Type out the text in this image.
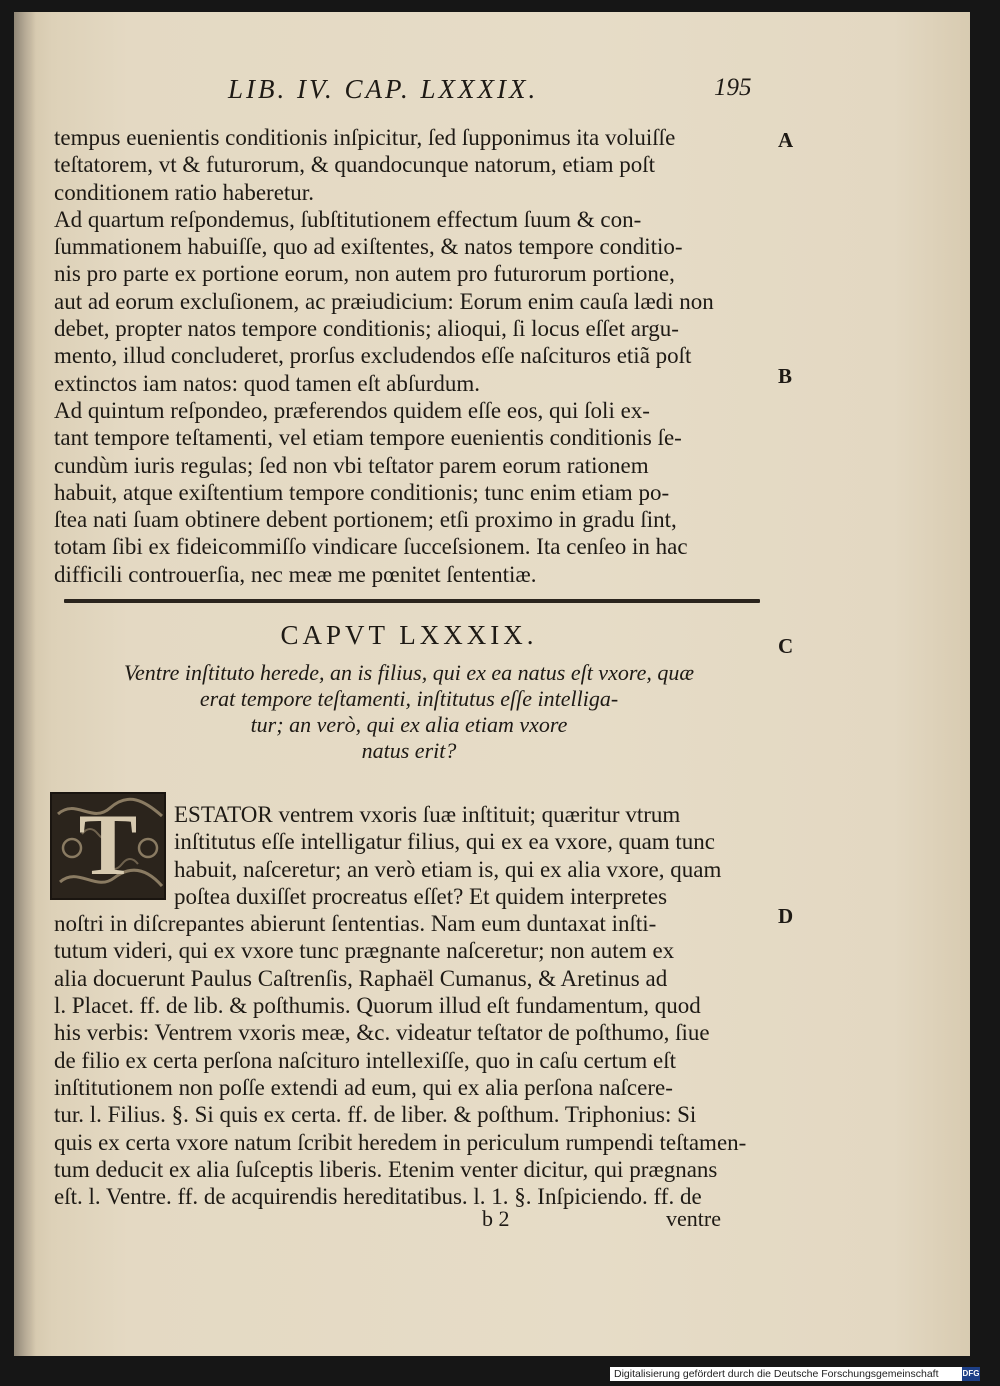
LIB. IV. CAP. LXXXIX.	195
tempus euenientis conditionis inſpicitur, ſed ſupponimus ita voluiſſe
teſtatorem, vt & futurorum, & quandocunque natorum, etiam poſt
conditionem ratio haberetur.
Ad quartum reſpondemus, ſubſtitutionem effectum ſuum & con-
ſummationem habuiſſe, quo ad exiſtentes, & natos tempore conditio-
nis pro parte ex portione eorum, non autem pro futurorum portione,
aut ad eorum excluſionem, ac præiudicium: Eorum enim cauſa lædi non
debet, propter natos tempore conditionis; alioqui, ſi locus eſſet argu-
mento, illud concluderet, prorſus excludendos eſſe naſcituros etiã poſt
extinctos iam natos: quod tamen eſt abſurdum.
Ad quintum reſpondeo, præferendos quidem eſſe eos, qui ſoli ex-
tant tempore teſtamenti, vel etiam tempore euenientis conditionis ſe-
cundùm iuris regulas; ſed non vbi teſtator parem eorum rationem
habuit, atque exiſtentium tempore conditionis; tunc enim etiam po-
ſtea nati ſuam obtinere debent portionem; etſi proximo in gradu ſint,
totam ſibi ex fideicommiſſo vindicare ſucceſsionem. Ita cenſeo in hac
difficili controuerſia, nec meæ me pœnitet ſententiæ.
CAPVT LXXXIX.
Ventre inſtituto herede, an is filius, qui ex ea natus eſt vxore, quæ
erat tempore teſtamenti, inſtitutus eſſe intelliga-
tur; an verò, qui ex alia etiam vxore
natus erit?
T	ESTATOR ventrem vxoris ſuæ inſtituit; quæritur vtrum
inſtitutus eſſe intelligatur filius, qui ex ea vxore, quam tunc
habuit, naſceretur; an verò etiam is, qui ex alia vxore, quam
poſtea duxiſſet procreatus eſſet? Et quidem interpretes
noſtri in diſcrepantes abierunt ſententias. Nam eum duntaxat inſti-
tutum videri, qui ex vxore tunc prægnante naſceretur; non autem ex
alia docuerunt Paulus Caſtrenſis, Raphaël Cumanus, & Aretinus ad
l. Placet. ff. de lib. & poſthumis. Quorum illud eſt fundamentum, quod
his verbis: Ventrem vxoris meæ, &c. videatur teſtator de poſthumo, ſiue
de filio ex certa perſona naſciturо intellexiſſe, quo in caſu certum eſt
inſtitutionem non poſſe extendi ad eum, qui ex alia perſona naſcere-
tur. l. Filius. §. Si quis ex certa. ff. de liber. & poſthum. Triphonius: Si
quis ex certa vxore natum ſcribit heredem in periculum rumpendi teſtamen-
tum deducit ex alia ſuſceptis liberis. Etenim venter dicitur, qui prægnans
eſt. l. Ventre. ff. de acquirendis hereditatibus. l. 1. §. Inſpiciendo. ff. de
A
B
C
D
b 2	ventre
Digitalisierung gefördert durch die Deutsche Forschungsgemeinschaft	DFG
